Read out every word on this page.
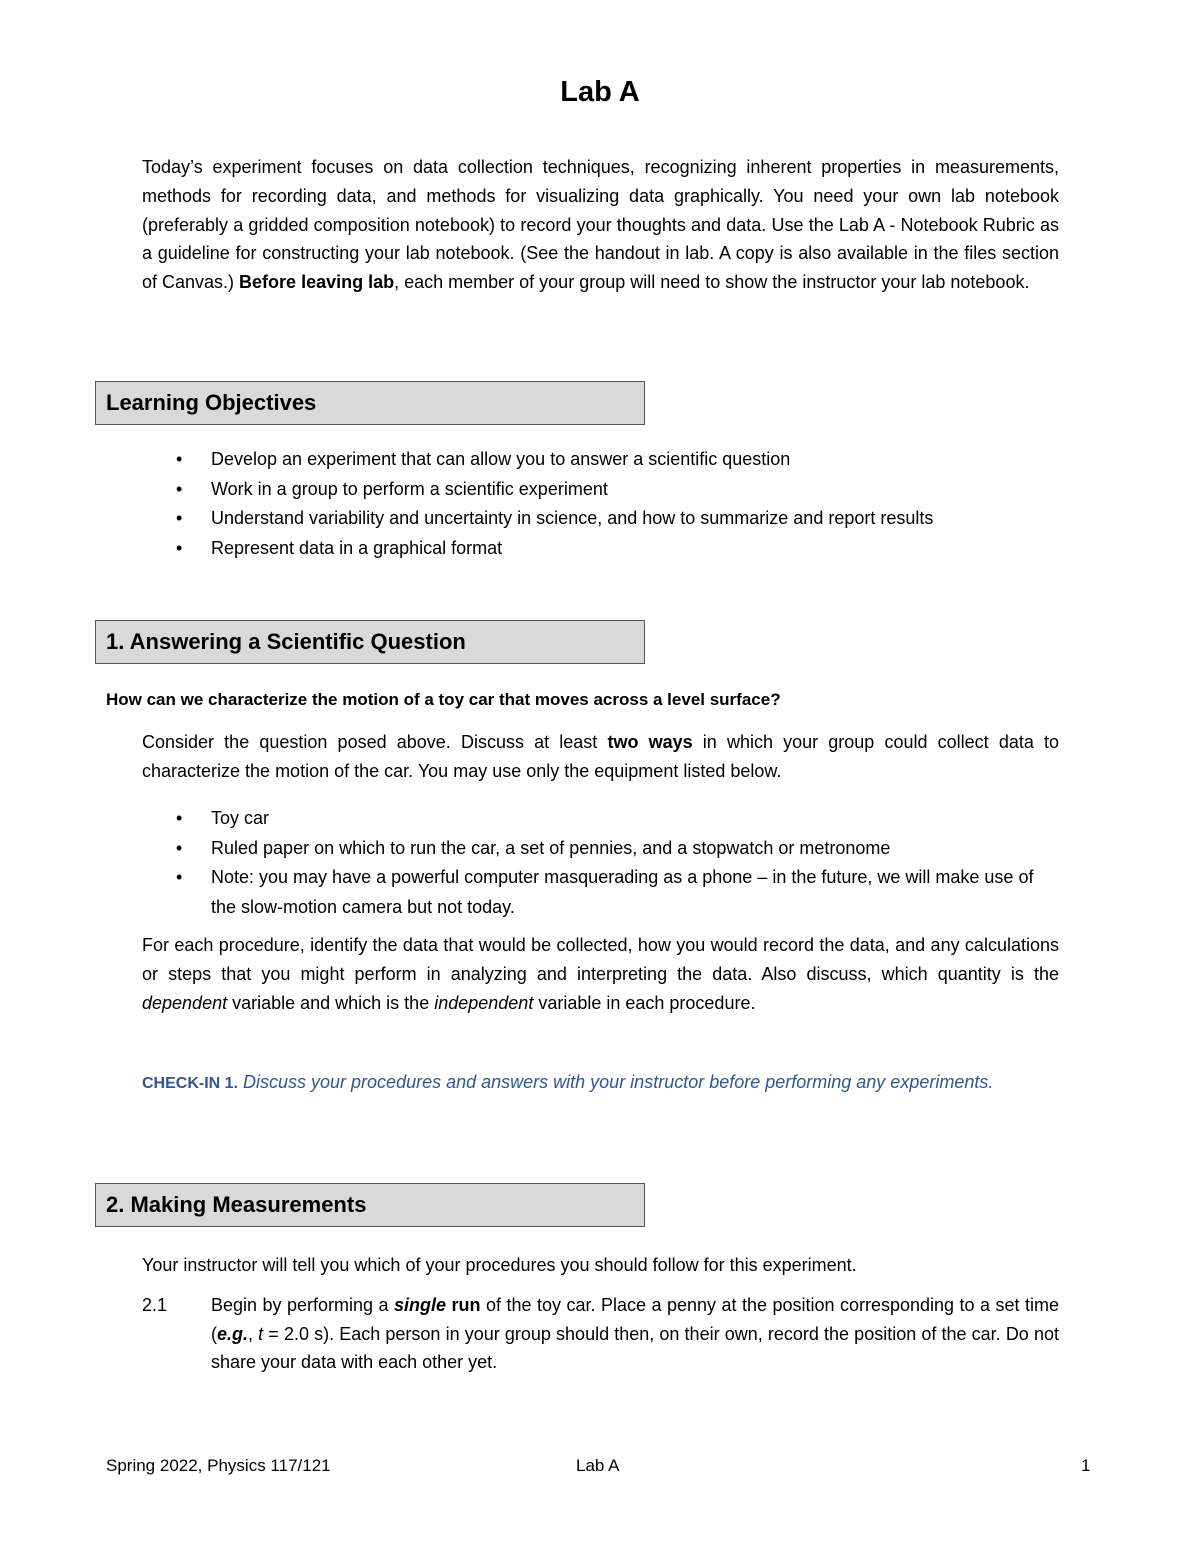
Lab A
Today’s experiment focuses on data collection techniques, recognizing inherent properties in measurements, methods for recording data, and methods for visualizing data graphically. You need your own lab notebook (preferably a gridded composition notebook) to record your thoughts and data. Use the Lab A - Notebook Rubric as a guideline for constructing your lab notebook. (See the handout in lab. A copy is also available in the files section of Canvas.) Before leaving lab, each member of your group will need to show the instructor your lab notebook.
Learning Objectives
• Develop an experiment that can allow you to answer a scientific question
• Work in a group to perform a scientific experiment
• Understand variability and uncertainty in science, and how to summarize and report results
• Represent data in a graphical format
1. Answering a Scientific Question
How can we characterize the motion of a toy car that moves across a level surface?
Consider the question posed above. Discuss at least two ways in which your group could collect data to characterize the motion of the car. You may use only the equipment listed below.
• Toy car
• Ruled paper on which to run the car, a set of pennies, and a stopwatch or metronome
• Note: you may have a powerful computer masquerading as a phone – in the future, we will make use of the slow-motion camera but not today.
For each procedure, identify the data that would be collected, how you would record the data, and any calculations or steps that you might perform in analyzing and interpreting the data. Also discuss, which quantity is the dependent variable and which is the independent variable in each procedure.
CHECK-IN 1. Discuss your procedures and answers with your instructor before performing any experiments.
2. Making Measurements
Your instructor will tell you which of your procedures you should follow for this experiment.
2.1 Begin by performing a single run of the toy car. Place a penny at the position corresponding to a set time (e.g., t = 2.0 s). Each person in your group should then, on their own, record the position of the car. Do not share your data with each other yet.
Spring 2022, Physics 117/121	Lab A	1
